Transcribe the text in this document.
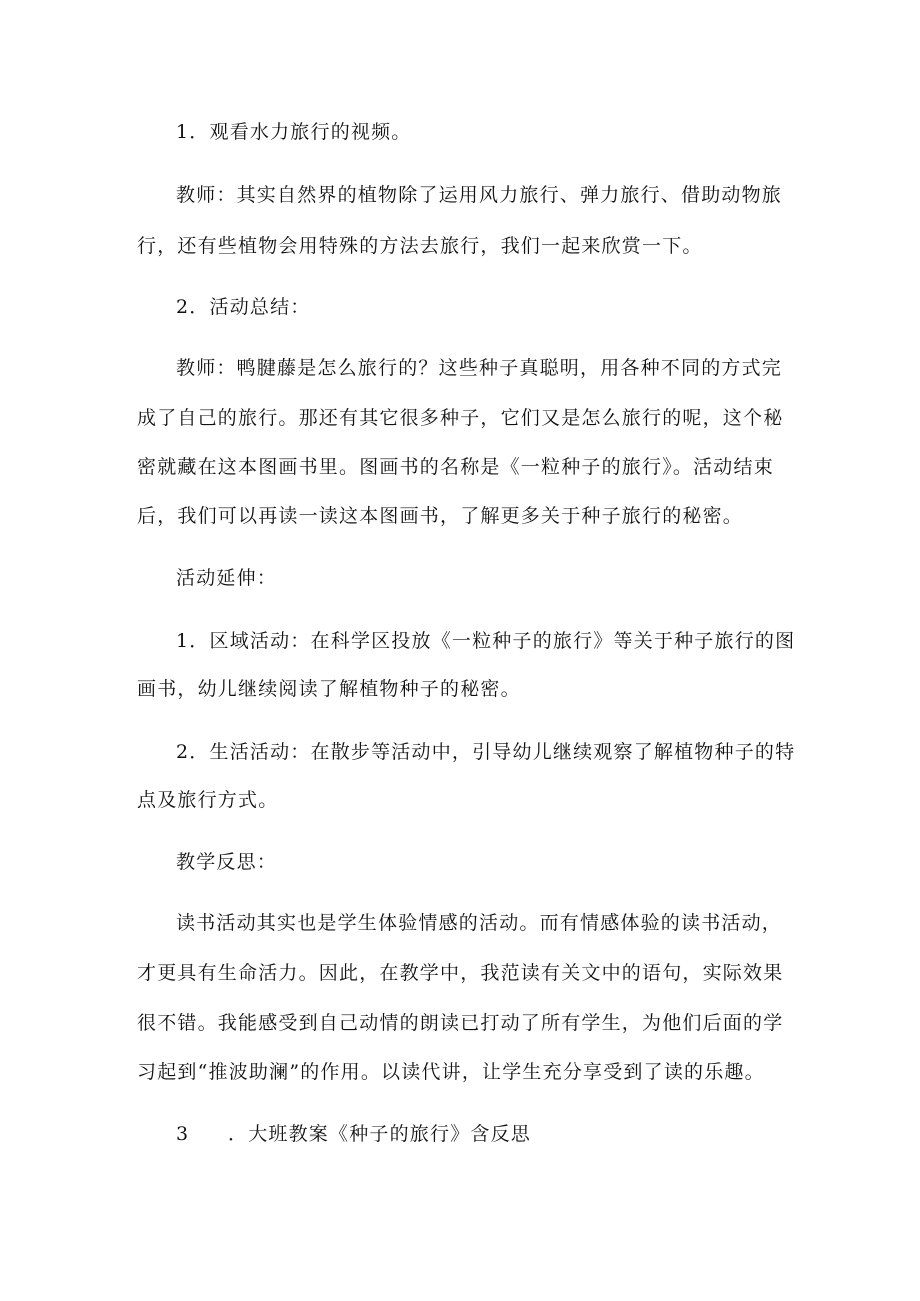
1．观看水力旅行的视频。
教师：其实自然界的植物除了运用风力旅行、弹力旅行、借助动物旅
行，还有些植物会用特殊的方法去旅行，我们一起来欣赏一下。
2．活动总结：
教师：鸭腱藤是怎么旅行的？这些种子真聪明，用各种不同的方式完
成了自己的旅行。那还有其它很多种子，它们又是怎么旅行的呢，这个秘
密就藏在这本图画书里。图画书的名称是《一粒种子的旅行》。活动结束
后，我们可以再读一读这本图画书，了解更多关于种子旅行的秘密。
活动延伸：
1．区域活动：在科学区投放《一粒种子的旅行》等关于种子旅行的图
画书，幼儿继续阅读了解植物种子的秘密。
2．生活活动：在散步等活动中，引导幼儿继续观察了解植物种子的特
点及旅行方式。
教学反思：
读书活动其实也是学生体验情感的活动。而有情感体验的读书活动，
才更具有生命活力。因此，在教学中，我范读有关文中的语句，实际效果
很不错。我能感受到自己动情的朗读已打动了所有学生，为他们后面的学
习起到“推波助澜”的作用。以读代讲，让学生充分享受到了读的乐趣。
3 ．大班教案《种子的旅行》含反思
